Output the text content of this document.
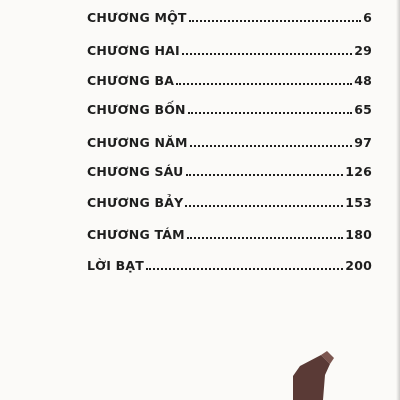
CHƯƠNG MỘT	6
CHƯƠNG HAI	29
CHƯƠNG BA	48
CHƯƠNG BỐN	65
CHƯƠNG NĂM	97
CHƯƠNG SÁU	126
CHƯƠNG BẢY	153
CHƯƠNG TÁM	180
LỜI BẠT	200
